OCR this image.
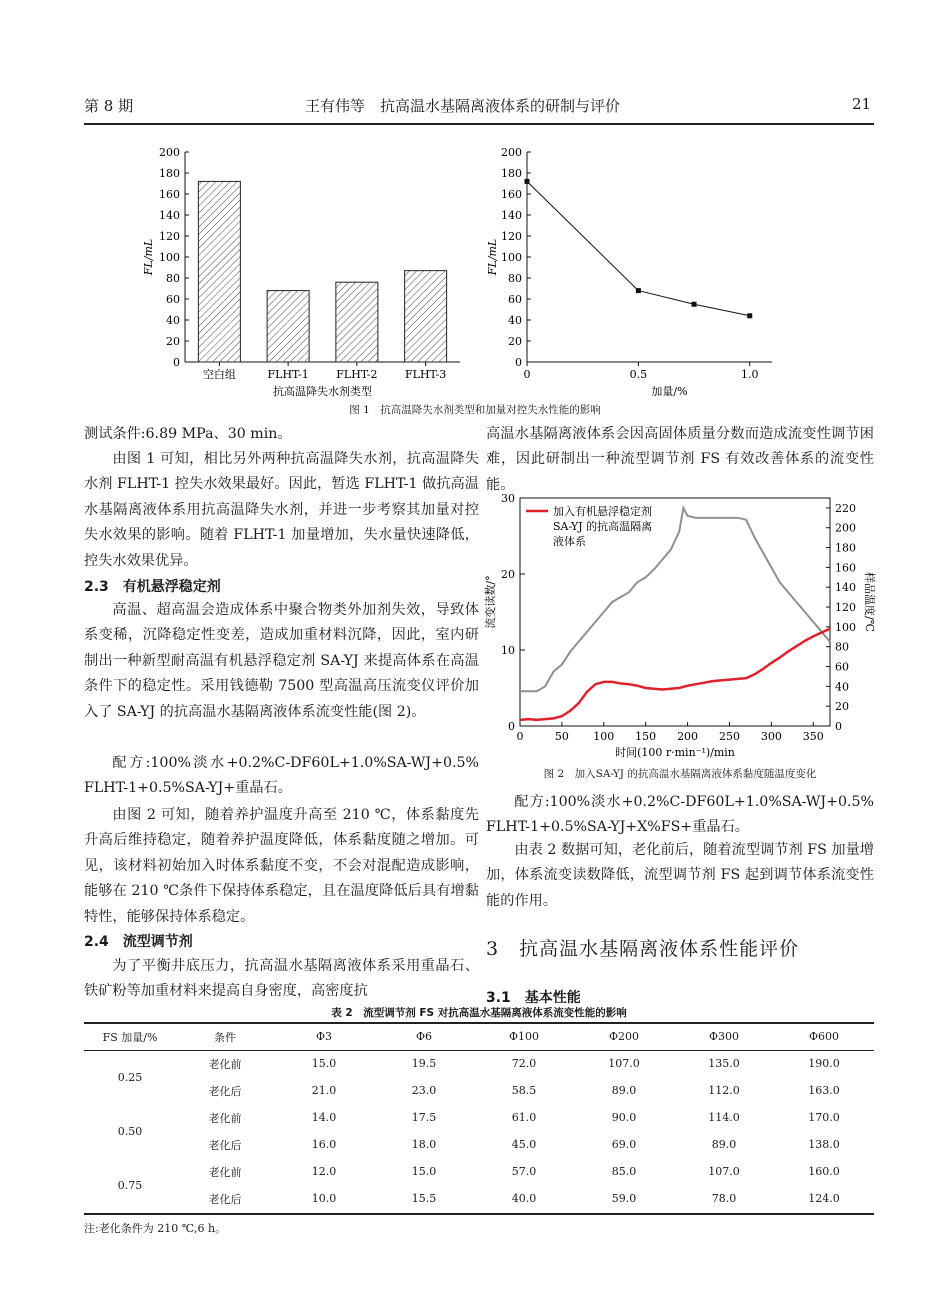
第 8 期	王有伟等　抗高温水基隔离液体系的研制与评价	21
0
20
40
60
80
100
120
140
160
180
200
空白组	FLHT-1	FLHT-2	FLHT-3
抗高温降失水剂类型
FL/mL
0
20
40
60
80
100
120
140
160
180
200
0	0.5	1.0
加量/%
FL/mL
图 1　抗高温降失水剂类型和加量对控失水性能的影响

测试条件:6.89 MPa、30 min。

由图 1 可知，相比另外两种抗高温降失水剂，抗高温降失水剂 FLHT-1 控失水效果最好。因此，暂选 FLHT-1 做抗高温水基隔离液体系用抗高温降失水剂，并进一步考察其加量对控失水效果的影响。随着 FLHT-1 加量增加，失水量快速降低，控失水效果优异。

2.3　有机悬浮稳定剂

高温、超高温会造成体系中聚合物类外加剂失效，导致体系变稀，沉降稳定性变差，造成加重材料沉降，因此，室内研制出一种新型耐高温有机悬浮稳定剂 SA-YJ 来提高体系在高温条件下的稳定性。采用钱德勒 7500 型高温高压流变仪评价加入了 SA-YJ 的抗高温水基隔离液体系流变性能(图 2)。

配方:100%淡水+0.2%C-DF60L+1.0%SA-WJ+0.5% FLHT-1+0.5%SA-YJ+重晶石。

由图 2 可知，随着养护温度升高至 210 ℃，体系黏度先升高后维持稳定，随着养护温度降低，体系黏度随之增加。可见，该材料初始加入时体系黏度不变，不会对混配造成影响，能够在 210 ℃条件下保持体系稳定，且在温度降低后具有增黏特性，能够保持体系稳定。

2.4　流型调节剂

为了平衡井底压力，抗高温水基隔离液体系采用重晶石、铁矿粉等加重材料来提高自身密度，高密度抗

高温水基隔离液体系会因高固体质量分数而造成流变性调节困难，因此研制出一种流型调节剂 FS 有效改善体系的流变性能。

0
10
20
30
0
20
40
60
80
100
120
140
160
180
200
220
0	50 100 150 200 250 300 350
加入有机悬浮稳定剂
SA-YJ 的抗高温隔离
液体系
时间(100 r·min⁻¹)/min
流变读数/°	样品温度/℃
图 2　加入SA-YJ 的抗高温水基隔离液体系黏度随温度变化

配方:100%淡水+0.2%C-DF60L+1.0%SA-WJ+0.5% FLHT-1+0.5%SA-YJ+X%FS+重晶石。

由表 2 数据可知，老化前后，随着流型调节剂 FS 加量增加，体系流变读数降低，流型调节剂 FS 起到调节体系流变性能的作用。

3　抗高温水基隔离液体系性能评价
3.1　基本性能
表 2　流型调节剂 FS 对抗高温水基隔离液体系流变性能的影响
FS 加量/%	条件	Φ3	Φ6	Φ100	Φ200	Φ300	Φ600
0.25	老化前	15.0	19.5	72.0	107.0	135.0	190.0
	老化后	21.0	23.0	58.5	89.0	112.0	163.0
0.50	老化前	14.0	17.5	61.0	90.0	114.0	170.0
	老化后	16.0	18.0	45.0	69.0	89.0	138.0
0.75	老化前	12.0	15.0	57.0	85.0	107.0	160.0
	老化后	10.0	15.5	40.0	59.0	78.0	124.0
注:老化条件为 210 ℃,6 h。
